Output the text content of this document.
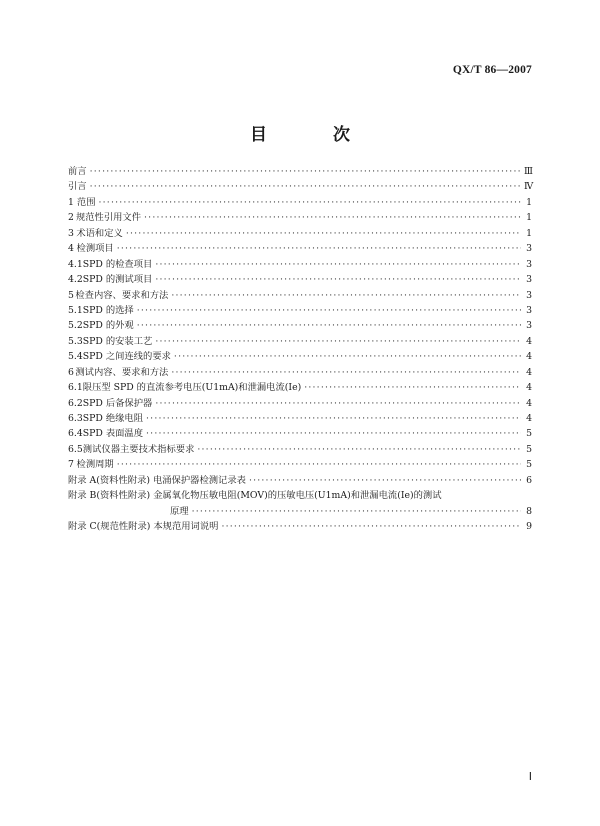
QX/T 86—2007
目 次
前言 ·····	Ⅲ
引言 ·····	Ⅳ
1 范围 ·····	1
2 规范性引用文件 ·····	1
3 术语和定义 ·····	1
4 检测项目 ·····	3
4.1 SPD 的检查项目 ·····	3
4.2 SPD 的测试项目 ·····	3
5 检查内容、要求和方法 ·····	3
5.1 SPD 的选择 ·····	3
5.2 SPD 的外观 ·····	3
5.3 SPD 的安装工艺 ·····	4
5.4 SPD 之间连线的要求 ·····	4
6 测试内容、要求和方法 ·····	4
6.1 限压型 SPD 的直流参考电压(U1mA)和泄漏电流(Ie) ·····	4
6.2 SPD 后备保护器 ·····	4
6.3 SPD 绝缘电阻 ·····	4
6.4 SPD 表面温度 ·····	5
6.5 测试仪器主要技术指标要求 ·····	5
7 检测周期 ·····	5
附录 A(资料性附录) 电涌保护器检测记录表 ·····	6
附录 B(资料性附录) 金属氧化物压敏电阻(MOV)的压敏电压(U1mA)和泄漏电流(Ie)的测试
原理 ·····	8
附录 C(规范性附录) 本规范用词说明 ·····	9
Ⅰ
